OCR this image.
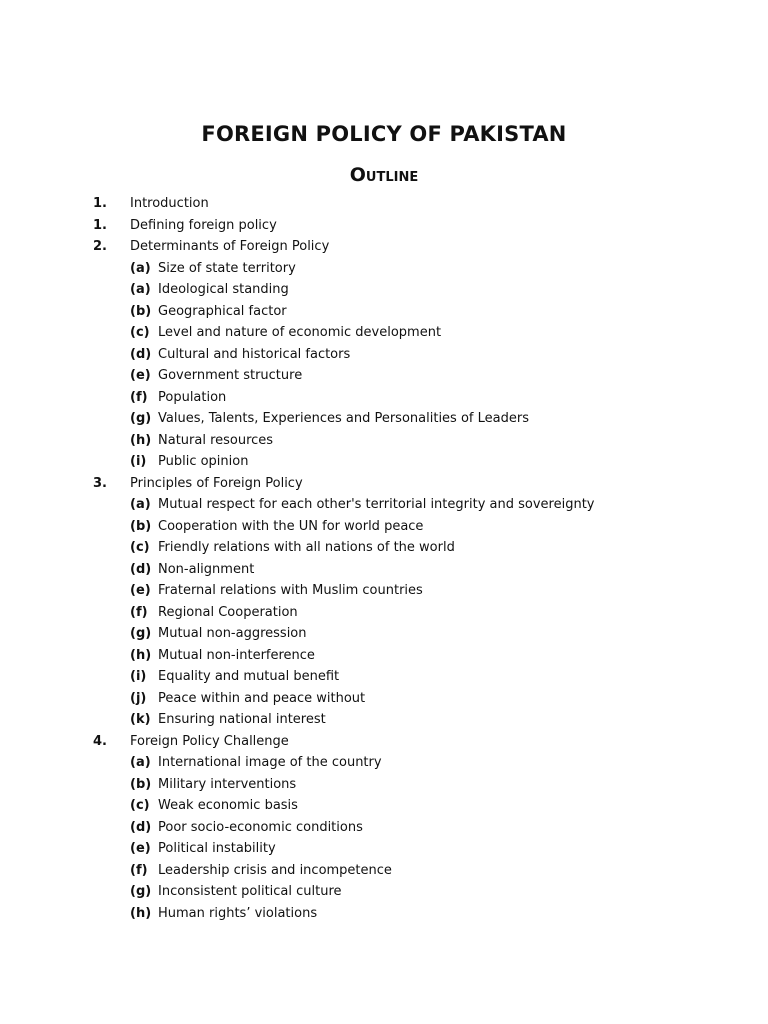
FOREIGN POLICY OF PAKISTAN
Outline
1. Introduction
1. Defining foreign policy
2. Determinants of Foreign Policy
(a) Size of state territory
(a) Ideological standing
(b) Geographical factor
(c) Level and nature of economic development
(d) Cultural and historical factors
(e) Government structure
(f) Population
(g) Values, Talents, Experiences and Personalities of Leaders
(h) Natural resources
(i) Public opinion
3. Principles of Foreign Policy
(a) Mutual respect for each other's territorial integrity and sovereignty
(b) Cooperation with the UN for world peace
(c) Friendly relations with all nations of the world
(d) Non-alignment
(e) Fraternal relations with Muslim countries
(f) Regional Cooperation
(g) Mutual non-aggression
(h) Mutual non-interference
(i) Equality and mutual benefit
(j) Peace within and peace without
(k) Ensuring national interest
4. Foreign Policy Challenge
(a) International image of the country
(b) Military interventions
(c) Weak economic basis
(d) Poor socio-economic conditions
(e) Political instability
(f) Leadership crisis and incompetence
(g) Inconsistent political culture
(h) Human rights’ violations
